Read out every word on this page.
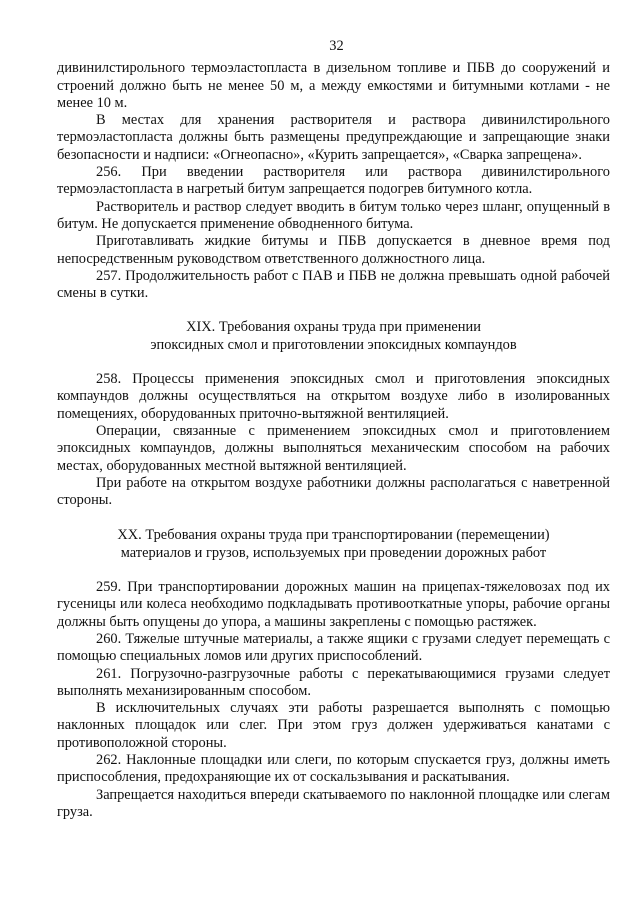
32

дивинилстирольного термоэластопласта в дизельном топливе и ПБВ до сооружений и строений должно быть не менее 50 м, а между емкостями и битумными котлами - не менее 10 м.

В местах для хранения растворителя и раствора дивинилстирольного термоэластопласта должны быть размещены предупреждающие и запрещающие знаки безопасности и надписи: «Огнеопасно», «Курить запрещается», «Сварка запрещена».

256. При введении растворителя или раствора дивинилстирольного термоэластопласта в нагретый битум запрещается подогрев битумного котла.

Растворитель и раствор следует вводить в битум только через шланг, опущенный в битум. Не допускается применение обводненного битума.

Приготавливать жидкие битумы и ПБВ допускается в дневное время под непосредственным руководством ответственного должностного лица.

257. Продолжительность работ с ПАВ и ПБВ не должна превышать одной рабочей смены в сутки.

XIX. Требования охраны труда при применении

эпоксидных смол и приготовлении эпоксидных компаундов

258. Процессы применения эпоксидных смол и приготовления эпоксидных компаундов должны осуществляться на открытом воздухе либо в изолированных помещениях, оборудованных приточно-вытяжной вентиляцией.

Операции, связанные с применением эпоксидных смол и приготовлением эпоксидных компаундов, должны выполняться механическим способом на рабочих местах, оборудованных местной вытяжной вентиляцией.

При работе на открытом воздухе работники должны располагаться с наветренной стороны.

XX. Требования охраны труда при транспортировании (перемещении)

материалов и грузов, используемых при проведении дорожных работ

259. При транспортировании дорожных машин на прицепах-тяжеловозах под их гусеницы или колеса необходимо подкладывать противооткатные упоры, рабочие органы должны быть опущены до упора, а машины закреплены с помощью растяжек.

260. Тяжелые штучные материалы, а также ящики с грузами следует перемещать с помощью специальных ломов или других приспособлений.

261. Погрузочно-разгрузочные работы с перекатывающимися грузами следует выполнять механизированным способом.

В исключительных случаях эти работы разрешается выполнять с помощью наклонных площадок или слег. При этом груз должен удерживаться канатами с противоположной стороны.

262. Наклонные площадки или слеги, по которым спускается груз, должны иметь приспособления, предохраняющие их от соскальзывания и раскатывания.

Запрещается находиться впереди скатываемого по наклонной площадке или слегам груза.
